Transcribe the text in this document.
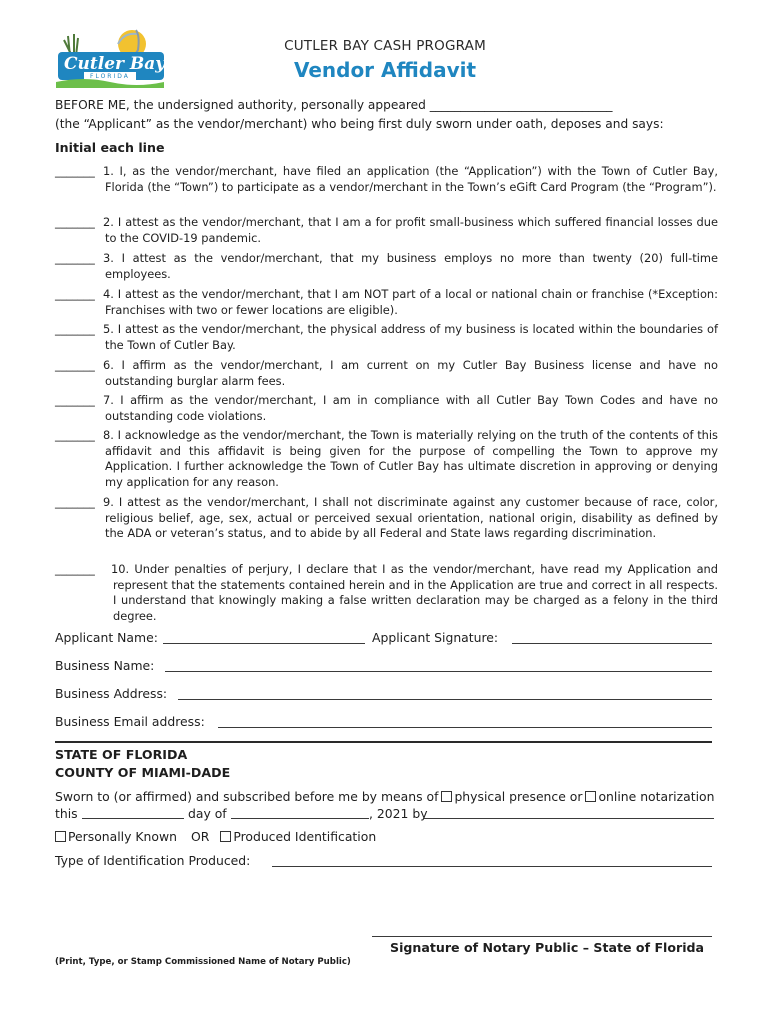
Cutler Bay
FLORIDA
CUTLER BAY CASH PROGRAM
Vendor Affidavit
BEFORE ME, the undersigned authority, personally appeared ______________________________
(the “Applicant” as the vendor/merchant) who being first duly sworn under oath, deposes and says:
Initial each line
_______ 1. I, as the vendor/merchant, have filed an application (the “Application”) with the Town of Cutler Bay, Florida (the “Town”) to participate as a vendor/merchant in the Town’s eGift Card Program (the “Program”).
_______ 2. I attest as the vendor/merchant, that I am a for profit small-business which suffered financial losses due to the COVID-19 pandemic.
_______ 3. I attest as the vendor/merchant, that my business employs no more than twenty (20) full-time employees.
_______ 4. I attest as the vendor/merchant, that I am NOT part of a local or national chain or franchise (*Exception: Franchises with two or fewer locations are eligible).
_______ 5. I attest as the vendor/merchant, the physical address of my business is located within the boundaries of the Town of Cutler Bay.
_______ 6. I affirm as the vendor/merchant, I am current on my Cutler Bay Business license and have no outstanding burglar alarm fees.
_______ 7. I affirm as the vendor/merchant, I am in compliance with all Cutler Bay Town Codes and have no outstanding code violations.
_______ 8. I acknowledge as the vendor/merchant, the Town is materially relying on the truth of the contents of this affidavit and this affidavit is being given for the purpose of compelling the Town to approve my Application. I further acknowledge the Town of Cutler Bay has ultimate discretion in approving or denying my application for any reason.
_______ 9. I attest as the vendor/merchant, I shall not discriminate against any customer because of race, color, religious belief, age, sex, actual or perceived sexual orientation, national origin, disability as defined by the ADA or veteran’s status, and to abide by all Federal and State laws regarding discrimination.
_______	10. Under penalties of perjury, I declare that I as the vendor/merchant, have read my Application and represent that the statements contained herein and in the Application are true and correct in all respects. I understand that knowingly making a false written declaration may be charged as a felony in the third degree.
Applicant Name:	Applicant Signature:
Business Name:
Business Address:
Business Email address:
STATE OF FLORIDA
COUNTY OF MIAMI-DADE
Sworn to (or affirmed) and subscribed before me by means of physical presence or online notarization
this	day of	, 2021 by
Personally Known OR Produced Identification
Type of Identification Produced:
Signature of Notary Public – State of Florida
(Print, Type, or Stamp Commissioned Name of Notary Public)
